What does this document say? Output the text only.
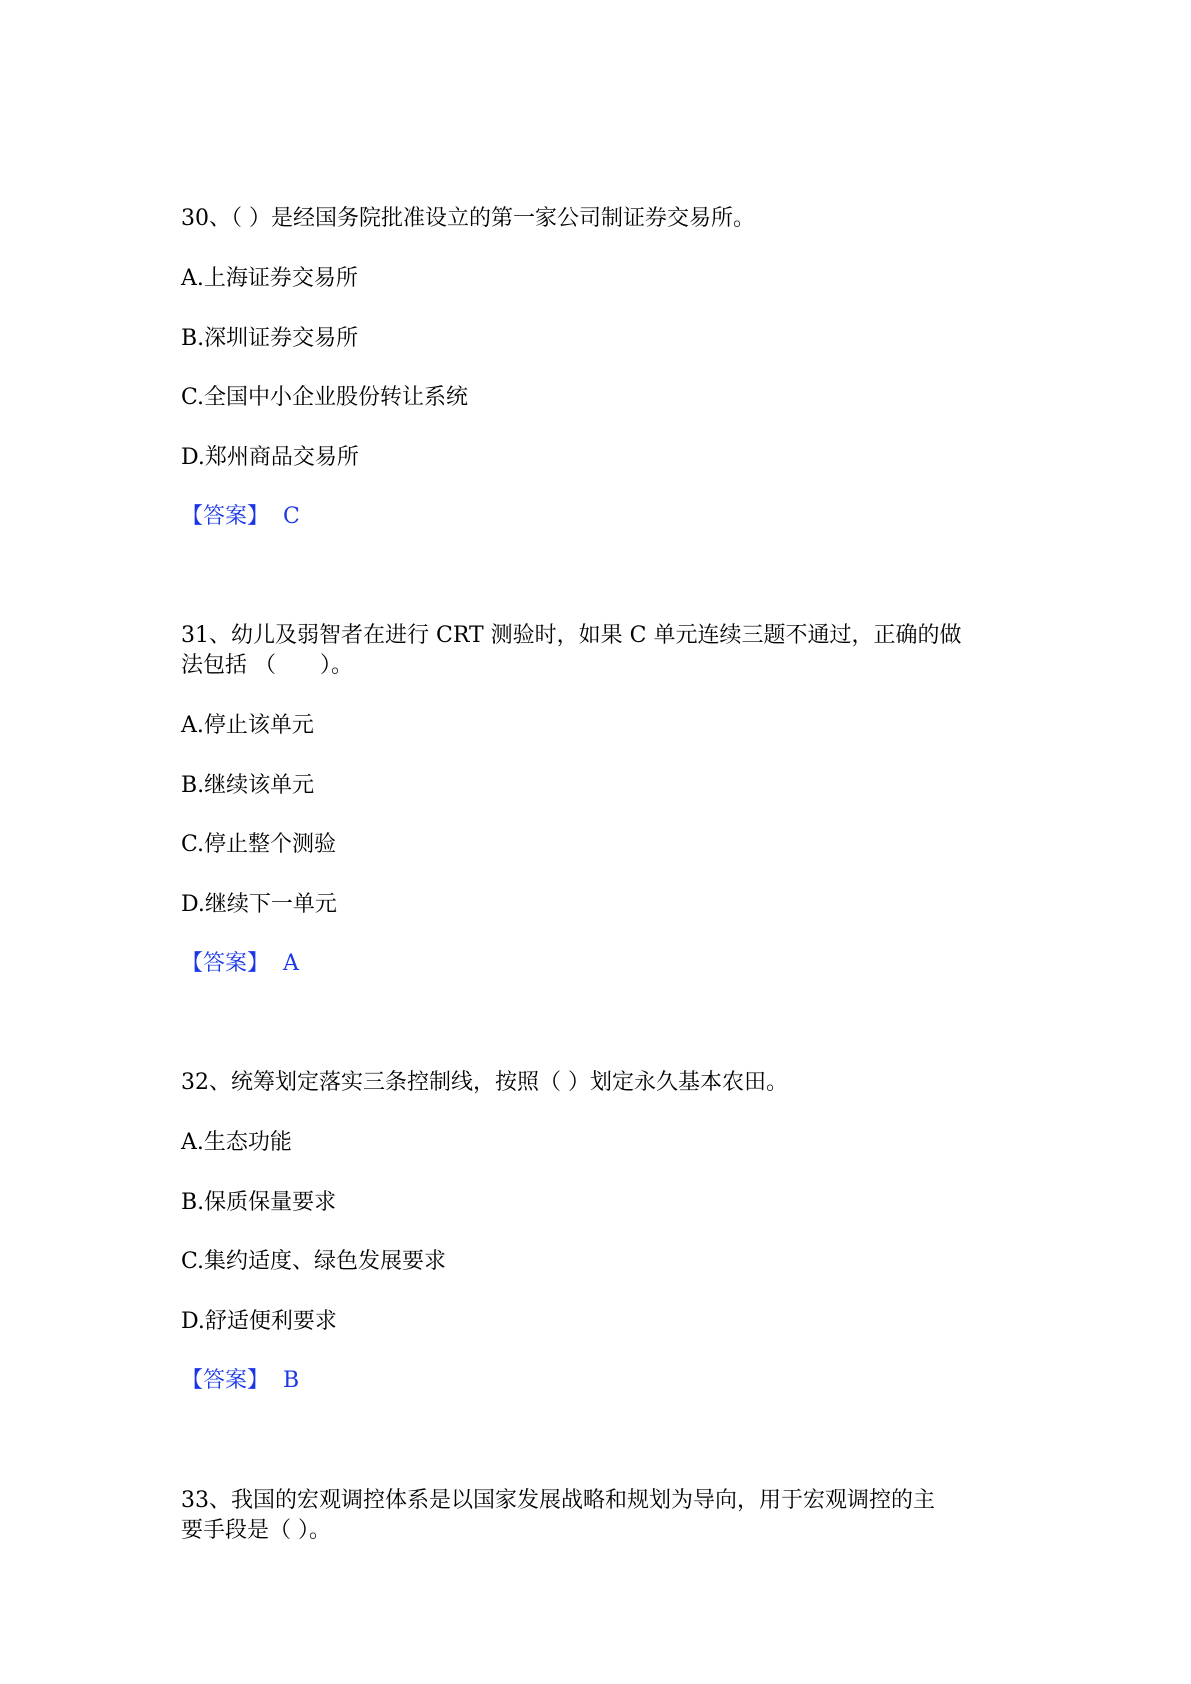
30、（ ）是经国务院批准设立的第一家公司制证券交易所。
A.上海证券交易所
B.深圳证券交易所
C.全国中小企业股份转让系统
D.郑州商品交易所
【答案】 C
31、幼儿及弱智者在进行 CRT 测验时，如果 C 单元连续三题不通过，正确的做
法包括 （　　）。
A.停止该单元
B.继续该单元
C.停止整个测验
D.继续下一单元
【答案】 A
32、统筹划定落实三条控制线，按照（ ）划定永久基本农田。
A.生态功能
B.保质保量要求
C.集约适度、绿色发展要求
D.舒适便利要求
【答案】 B
33、我国的宏观调控体系是以国家发展战略和规划为导向，用于宏观调控的主
要手段是（ ）。
